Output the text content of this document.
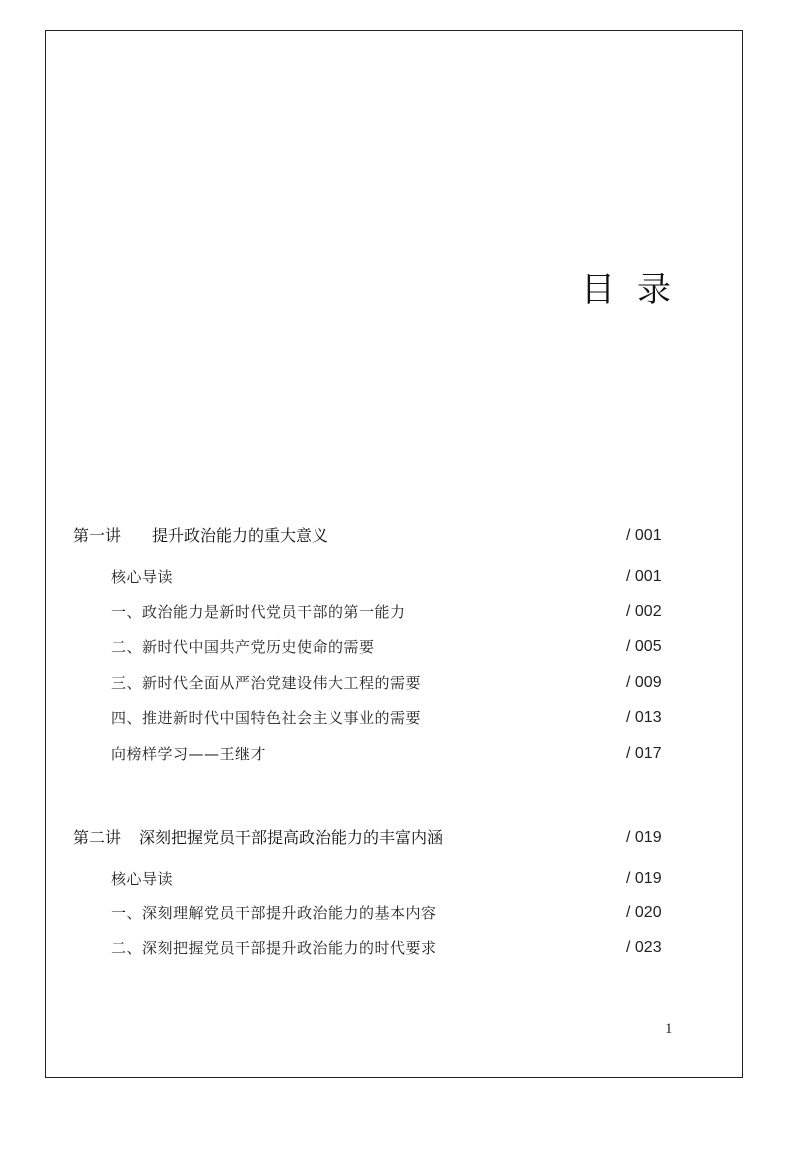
目录
第一讲 提升政治能力的重大意义	/ 001
核心导读	/ 001
一、政治能力是新时代党员干部的第一能力	/ 002
二、新时代中国共产党历史使命的需要	/ 005
三、新时代全面从严治党建设伟大工程的需要	/ 009
四、推进新时代中国特色社会主义事业的需要	/ 013
向榜样学习——王继才	/ 017
第二讲 深刻把握党员干部提高政治能力的丰富内涵	/ 019
核心导读	/ 019
一、深刻理解党员干部提升政治能力的基本内容	/ 020
二、深刻把握党员干部提升政治能力的时代要求	/ 023
1
